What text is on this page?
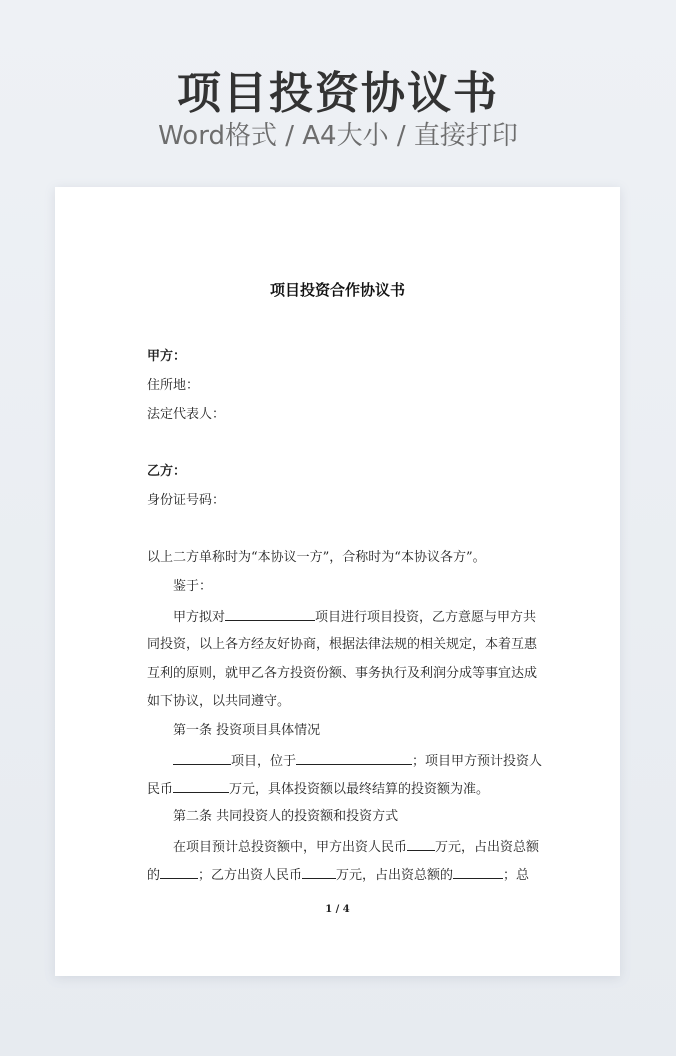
项目投资协议书
Word格式 / A4大小 / 直接打印
项目投资合作协议书
甲方：
住所地：
法定代表人：
乙方：
身份证号码：
以上二方单称时为“本协议一方”，合称时为“本协议各方”。
鉴于：
甲方拟对	项目进行项目投资，乙方意愿与甲方共
同投资，以上各方经友好协商，根据法律法规的相关规定，本着互惠
互利的原则，就甲乙各方投资份额、事务执行及利润分成等事宜达成
如下协议，以共同遵守。
第一条 投资项目具体情况
项目，位于	；项目甲方预计投资人
民币	万元，具体投资额以最终结算的投资额为准。
第二条 共同投资人的投资额和投资方式
在项目预计总投资额中，甲方出资人民币 万元，占出资总额
的	；乙方出资人民币	万元，占出资总额的	；总
1 / 4
